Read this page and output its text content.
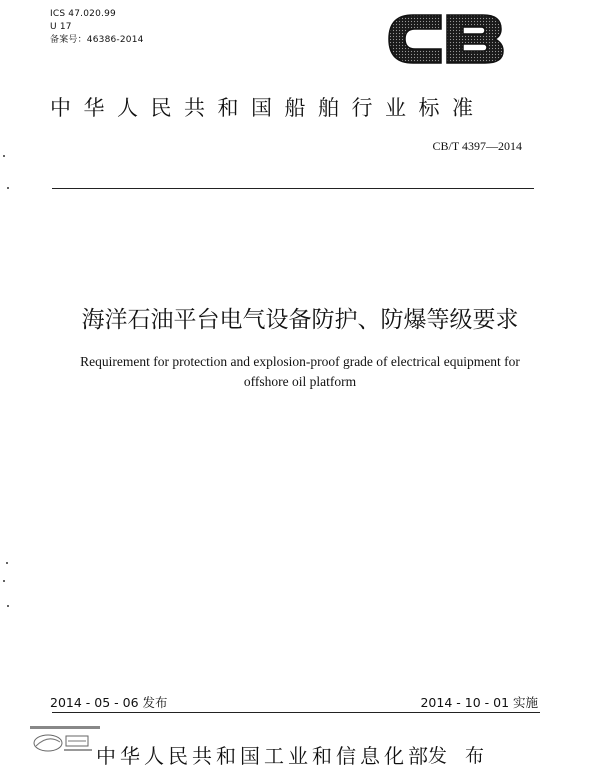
ICS 47.020.99
U 17
备案号：46386-2014
中华人民共和国船舶行业标准
CB/T 4397—2014
海洋石油平台电气设备防护、防爆等级要求
Requirement for protection and explosion-proof grade of electrical equipment for
offshore oil platform
2014 - 05 - 06 发布	2014 - 10 - 01 实施
中华人民共和国工业和信息化部
发 布
